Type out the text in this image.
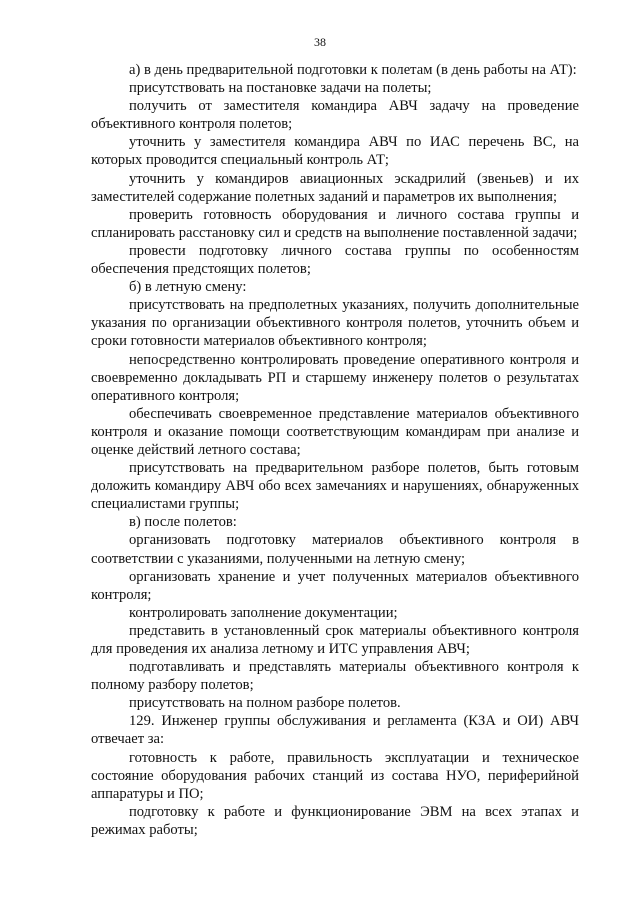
38

а) в день предварительной подготовки к полетам (в день работы на АТ):

присутствовать на постановке задачи на полеты;

получить от заместителя командира АВЧ задачу на проведение объективного контроля полетов;

уточнить у заместителя командира АВЧ по ИАС перечень ВС, на которых проводится специальный контроль АТ;

уточнить у командиров авиационных эскадрилий (звеньев) и их заместителей содержание полетных заданий и параметров их выполнения;

проверить готовность оборудования и личного состава группы и спланировать расстановку сил и средств на выполнение поставленной задачи;

провести подготовку личного состава группы по особенностям обеспечения предстоящих полетов;

б) в летную смену:

присутствовать на предполетных указаниях, получить дополнительные указания по организации объективного контроля полетов, уточнить объем и сроки готовности материалов объективного контроля;

непосредственно контролировать проведение оперативного контроля и своевременно докладывать РП и старшему инженеру полетов о результатах оперативного контроля;

обеспечивать своевременное представление материалов объективного контроля и оказание помощи соответствующим командирам при анализе и оценке действий летного состава;

присутствовать на предварительном разборе полетов, быть готовым доложить командиру АВЧ обо всех замечаниях и нарушениях, обнаруженных специалистами группы;

в) после полетов:

организовать подготовку материалов объективного контроля в соответствии с указаниями, полученными на летную смену;

организовать хранение и учет полученных материалов объективного контроля;

контролировать заполнение документации;

представить в установленный срок материалы объективного контроля для проведения их анализа летному и ИТС управления АВЧ;

подготавливать и представлять материалы объективного контроля к полному разбору полетов;

присутствовать на полном разборе полетов.

129. Инженер группы обслуживания и регламента (КЗА и ОИ) АВЧ отвечает за:

готовность к работе, правильность эксплуатации и техническое состояние оборудования рабочих станций из состава НУО, периферийной аппаратуры и ПО;

подготовку к работе и функционирование ЭВМ на всех этапах и режимах работы;
